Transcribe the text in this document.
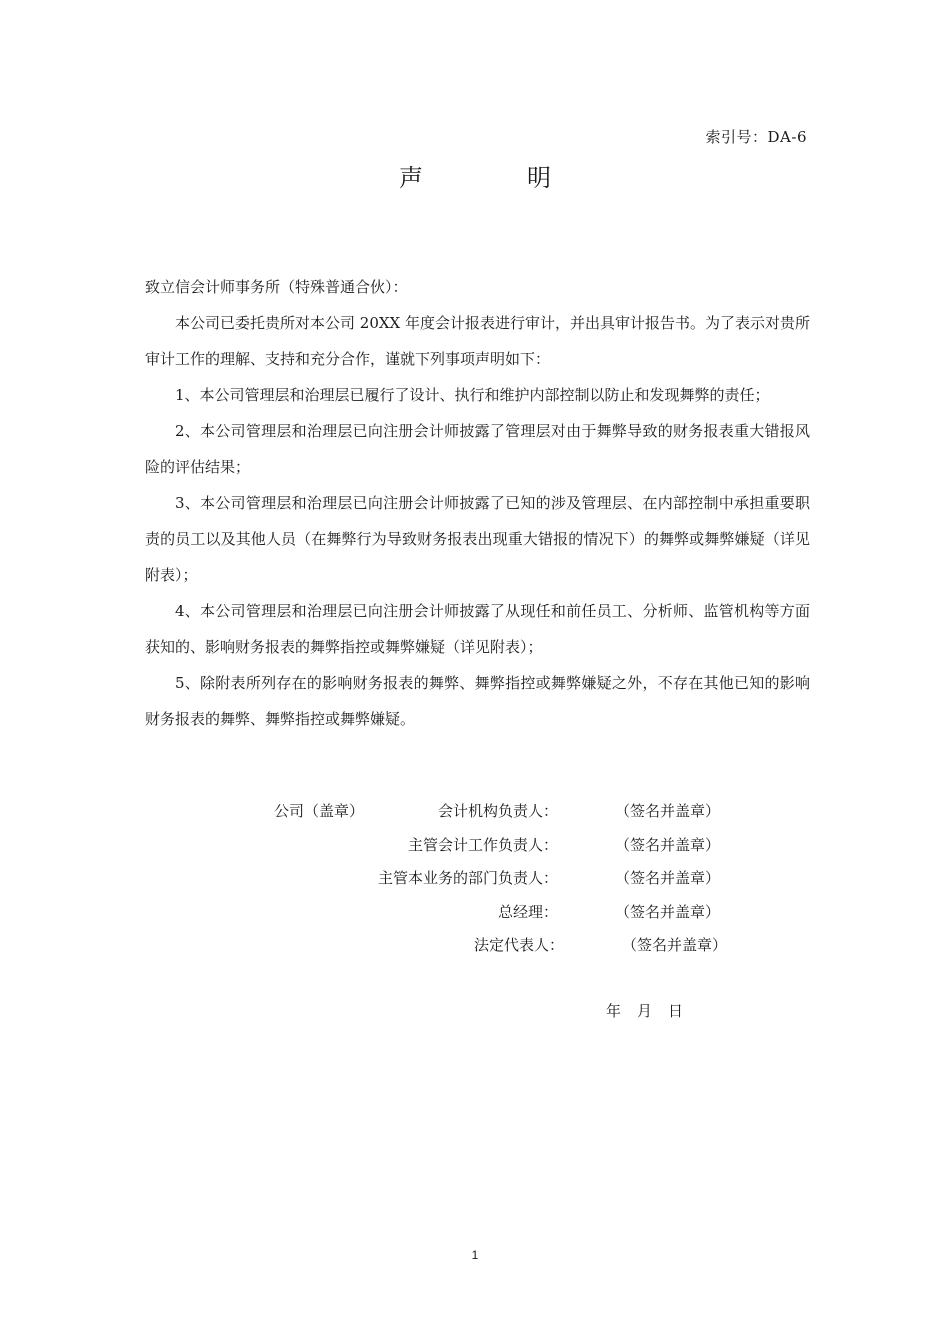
索引号：DA-6
声	明
致立信会计师事务所（特殊普通合伙）：
本公司已委托贵所对本公司 20XX 年度会计报表进行审计，并出具审计报告书。为了表示对贵所审计工作的理解、支持和充分合作，谨就下列事项声明如下：
1、本公司管理层和治理层已履行了设计、执行和维护内部控制以防止和发现舞弊的责任；
2、本公司管理层和治理层已向注册会计师披露了管理层对由于舞弊导致的财务报表重大错报风险的评估结果；
3、本公司管理层和治理层已向注册会计师披露了已知的涉及管理层、在内部控制中承担重要职责的员工以及其他人员（在舞弊行为导致财务报表出现重大错报的情况下）的舞弊或舞弊嫌疑（详见附表）；
4、本公司管理层和治理层已向注册会计师披露了从现任和前任员工、分析师、监管机构等方面获知的、影响财务报表的舞弊指控或舞弊嫌疑（详见附表）；
5、除附表所列存在的影响财务报表的舞弊、舞弊指控或舞弊嫌疑之外，不存在其他已知的影响财务报表的舞弊、舞弊指控或舞弊嫌疑。
公司（盖章）	会计机构负责人：	（签名并盖章）
主管会计工作负责人：	（签名并盖章）
主管本业务的部门负责人：	（签名并盖章）
总经理：	（签名并盖章）
法定代表人：	（签名并盖章）
年 月 日
1
